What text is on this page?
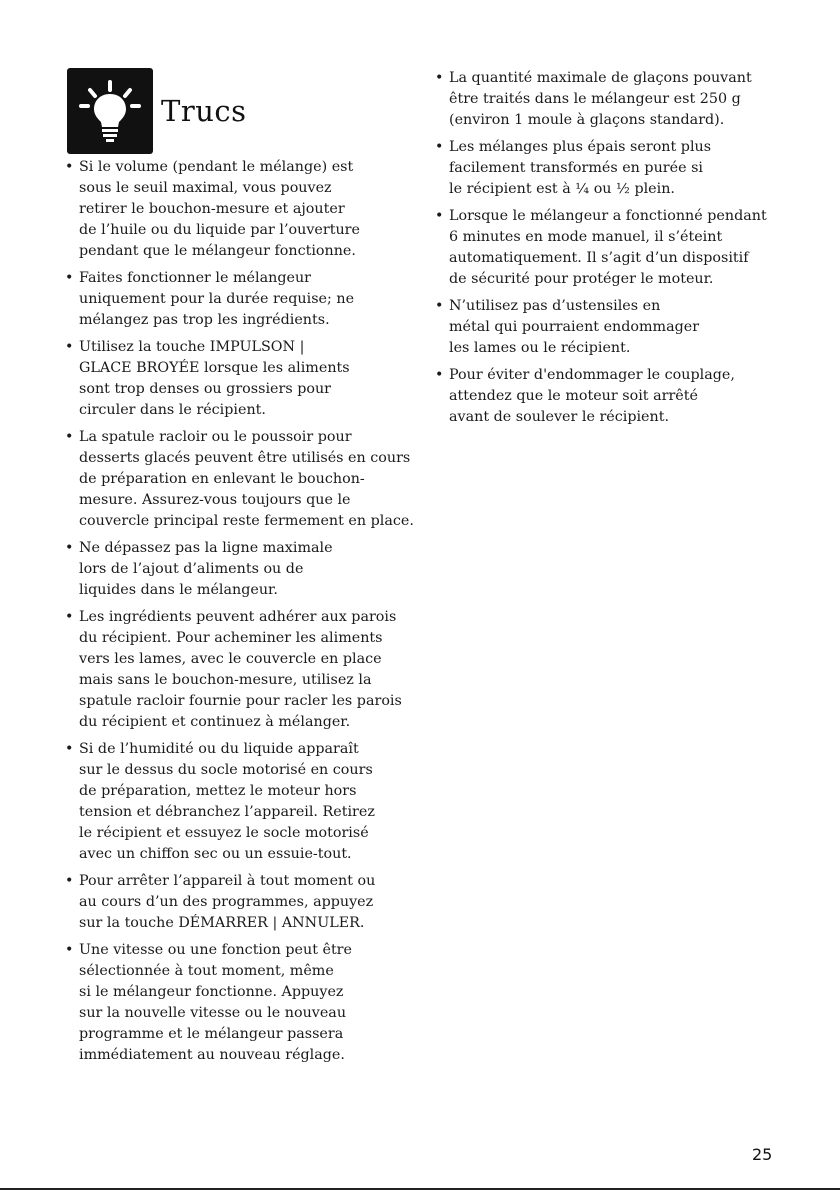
Trucs
• Si le volume (pendant le mélange) est
sous le seuil maximal, vous pouvez
retirer le bouchon-mesure et ajouter
de l’huile ou du liquide par l’ouverture
pendant que le mélangeur fonctionne.
• Faites fonctionner le mélangeur
uniquement pour la durée requise; ne
mélangez pas trop les ingrédients.
• Utilisez la touche IMPULSON |
GLACE BROYÉE lorsque les aliments
sont trop denses ou grossiers pour
circuler dans le récipient.
• La spatule racloir ou le poussoir pour
desserts glacés peuvent être utilisés en cours
de préparation en enlevant le bouchon-
mesure. Assurez-vous toujours que le
couvercle principal reste fermement en place.
• Ne dépassez pas la ligne maximale
lors de l’ajout d’aliments ou de
liquides dans le mélangeur.
• Les ingrédients peuvent adhérer aux parois
du récipient. Pour acheminer les aliments
vers les lames, avec le couvercle en place
mais sans le bouchon-mesure, utilisez la
spatule racloir fournie pour racler les parois
du récipient et continuez à mélanger.
• Si de l’humidité ou du liquide apparaît
sur le dessus du socle motorisé en cours
de préparation, mettez le moteur hors
tension et débranchez l’appareil. Retirez
le récipient et essuyez le socle motorisé
avec un chiffon sec ou un essuie-tout.
• Pour arrêter l’appareil à tout moment ou
au cours d’un des programmes, appuyez
sur la touche DÉMARRER | ANNULER.
• Une vitesse ou une fonction peut être
sélectionnée à tout moment, même
si le mélangeur fonctionne. Appuyez
sur la nouvelle vitesse ou le nouveau
programme et le mélangeur passera
immédiatement au nouveau réglage.
• La quantité maximale de glaçons pouvant
être traités dans le mélangeur est 250 g
(environ 1 moule à glaçons standard).
• Les mélanges plus épais seront plus
facilement transformés en purée si
le récipient est à ¼ ou ½ plein.
• Lorsque le mélangeur a fonctionné pendant
6 minutes en mode manuel, il s’éteint
automatiquement. Il s’agit d’un dispositif
de sécurité pour protéger le moteur.
• N’utilisez pas d’ustensiles en
métal qui pourraient endommager
les lames ou le récipient.
• Pour éviter d'endommager le couplage,
attendez que le moteur soit arrêté
avant de soulever le récipient.
25
